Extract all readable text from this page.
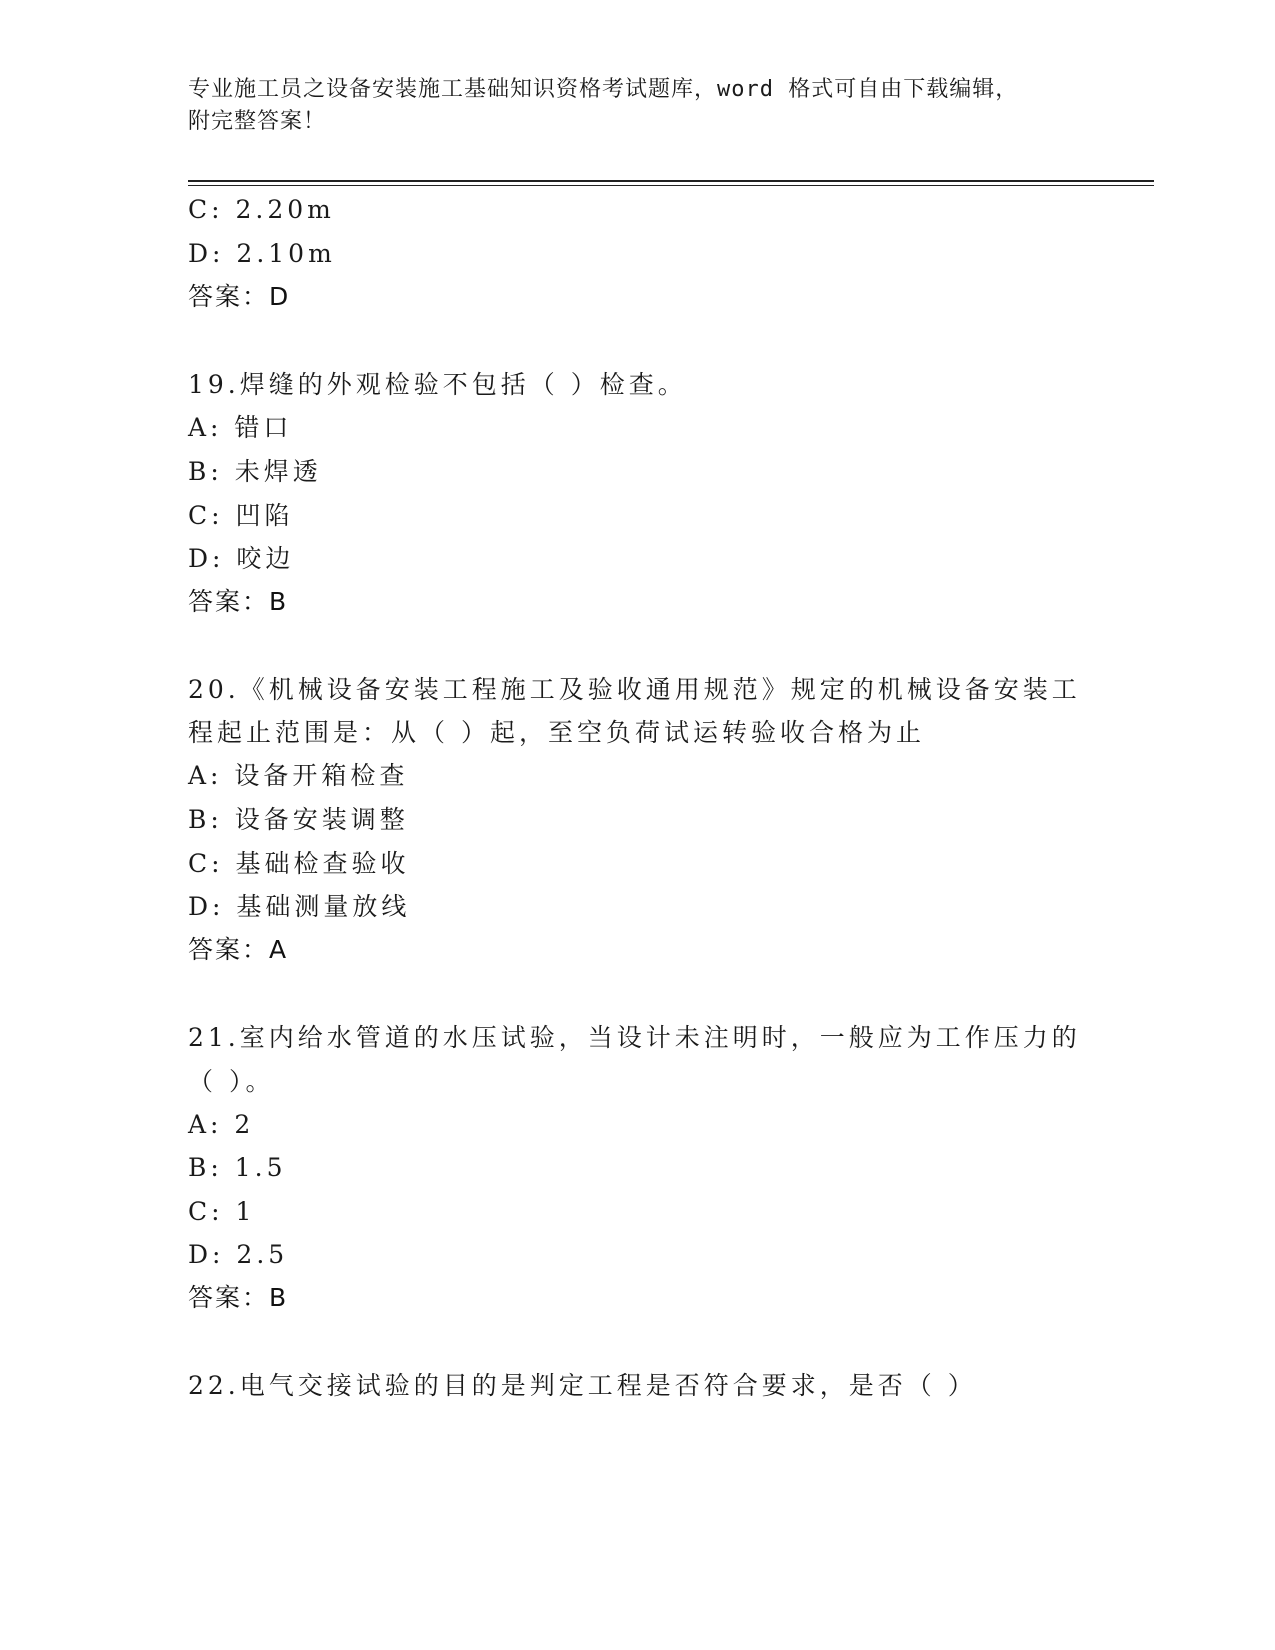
专业施工员之设备安装施工基础知识资格考试题库，word 格式可自由下载编辑，
附完整答案！
C: 2.20m
D: 2.10m
答案：D
19.焊缝的外观检验不包括（ ）检查。
A: 错口
B: 未焊透
C: 凹陷
D: 咬边
答案：B
20.《机械设备安装工程施工及验收通用规范》规定的机械设备安装工
程起止范围是：从（ ）起，至空负荷试运转验收合格为止
A: 设备开箱检查
B: 设备安装调整
C: 基础检查验收
D: 基础测量放线
答案：A
21.室内给水管道的水压试验，当设计未注明时，一般应为工作压力的
（ ）。
A: 2
B: 1.5
C: 1
D: 2.5
答案：B
22.电气交接试验的目的是判定工程是否符合要求，是否（ ）
